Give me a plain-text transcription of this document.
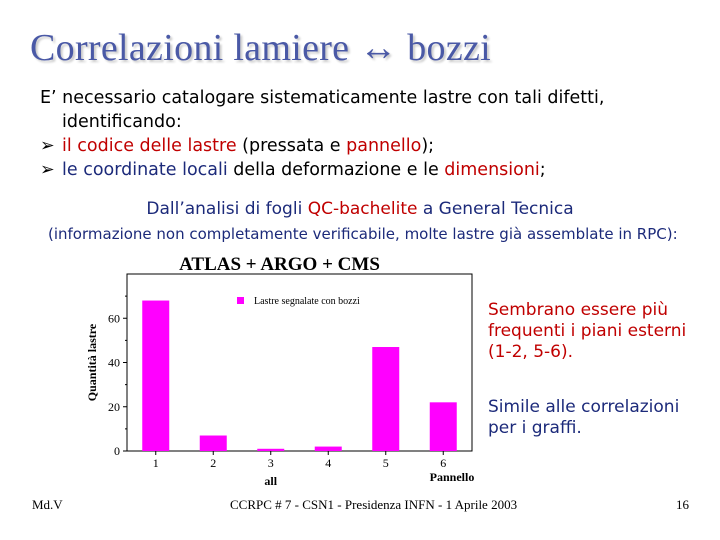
Correlazioni lamiere ↔ bozzi

E’ necessario catalogare sistematicamente lastre con tali difetti,

identificando:

➢ il codice delle lastre (pressata e pannello);

➢ le coordinate locali della deformazione e le dimensioni;

Dall’analisi di fogli QC-bachelite a General Tecnica
(informazione non completamente verificabile, molte lastre già assemblate in RPC):
ATLAS + ARGO + CMS
0
20
40
60
Quantità lastre
1	2	3	4	5	6
all	Pannello
Lastre segnalate con bozzi	Sembrano essere più frequenti i piani esterni (1-2, 5-6).
Simile alle correlazioni per i graffi.
Md.V	CCRPC # 7 - CSN1 - Presidenza INFN - 1 Aprile 2003	16
